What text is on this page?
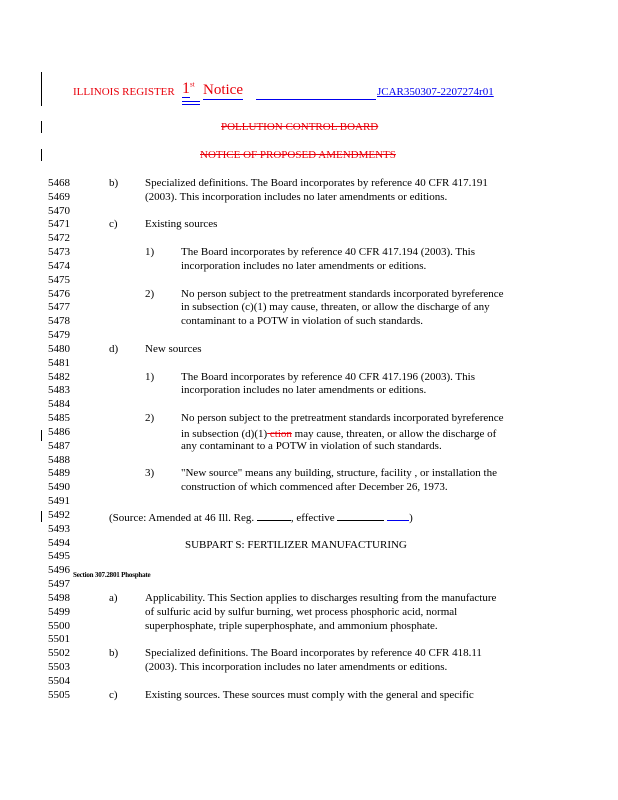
ILLINOIS REGISTER 1st Notice	JCAR350307-2207274r01
POLLUTION CONTROL BOARD
NOTICE OF PROPOSED AMENDMENTS
5468	b) Specialized definitions. The Board incorporates by reference 40 CFR 417.191
5469	(2003). This incorporation includes no later amendments or editions.
5470
5471	c) Existing sources
5472
5473	1) The Board incorporates by reference 40 CFR 417.194 (2003). This
5474	incorporation includes no later amendments or editions.
5475
5476	2) No person subject to the pretreatment standards incorporated byreference
5477	in subsection (c)(1) may cause, threaten, or allow the discharge of any
5478	contaminant to a POTW in violation of such standards.
5479
5480	d) New sources
5481
5482	1) The Board incorporates by reference 40 CFR 417.196 (2003). This
5483	incorporation includes no later amendments or editions.
5484
5485	2) No person subject to the pretreatment standards incorporated byreference
5486
5487	any contaminant to a POTW in violation of such standards.
5488
5489	3) "New source" means any building, structure, facility , or installation the
5490	construction of which commenced after December 26, 1973.
5491
5492
5493
5494
5495
5496
5497
5498	a) Applicability. This Section applies to discharges resulting from the manufacture
5499	of sulfuric acid by sulfur burning, wet process phosphoric acid, normal
5500	superphosphate, triple superphosphate, and ammonium phosphate.
5501
5502	b) Specialized definitions. The Board incorporates by reference 40 CFR 418.11
5503	(2003). This incorporation includes no later amendments or editions.
5504
5505	c) Existing sources. These sources must comply with the general and specific
in subsection (d)(1) ction may cause, threaten, or allow the discharge of
(Source: Amended at 46 Ill. Reg.	, effective	)
SUBPART S: FERTILIZER MANUFACTURING
Section 307.2801 Phosphate
